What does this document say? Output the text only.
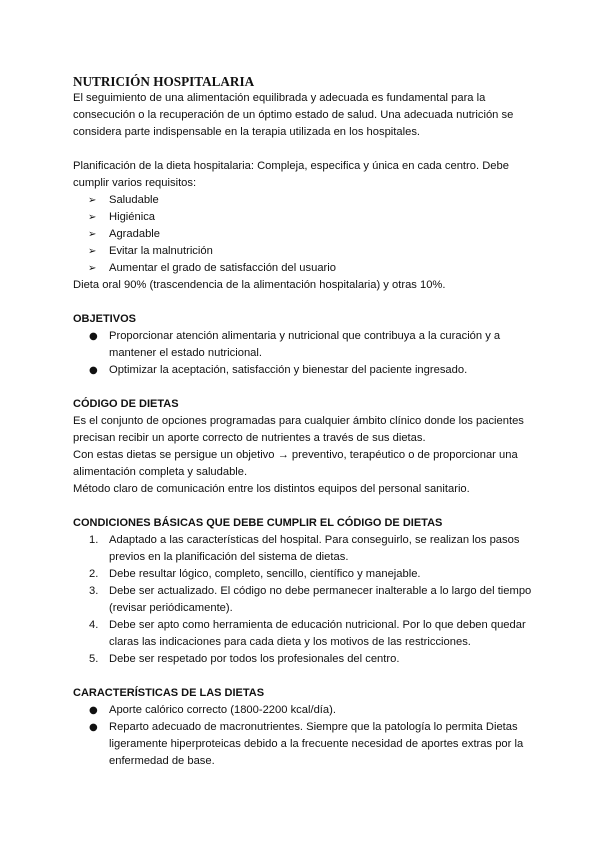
NUTRICIÓN HOSPITALARIA

El seguimiento de una alimentación equilibrada y adecuada es fundamental para la consecución o la recuperación de un óptimo estado de salud. Una adecuada nutrición se considera parte indispensable en la terapia utilizada en los hospitales.

Planificación de la dieta hospitalaria: Compleja, especifica y única en cada centro. Debe cumplir varios requisitos:

➢	Saludable
➢	Higiénica
➢	Agradable
➢	Evitar la malnutrición
➢	Aumentar el grado de satisfacción del usuario

Dieta oral 90% (trascendencia de la alimentación hospitalaria) y otras 10%.

OBJETIVOS
● Proporcionar atención alimentaria y nutricional que contribuya a la curación y a mantener el estado nutricional.
● Optimizar la aceptación, satisfacción y bienestar del paciente ingresado.
CÓDIGO DE DIETAS

Es el conjunto de opciones programadas para cualquier ámbito clínico donde los pacientes precisan recibir un aporte correcto de nutrientes a través de sus dietas.

Con estas dietas se persigue un objetivo → preventivo, terapéutico o de proporcionar una alimentación completa y saludable.

Método claro de comunicación entre los distintos equipos del personal sanitario.

CONDICIONES BÁSICAS QUE DEBE CUMPLIR EL CÓDIGO DE DIETAS
1. Adaptado a las características del hospital. Para conseguirlo, se realizan los pasos previos en la planificación del sistema de dietas.
2. Debe resultar lógico, completo, sencillo, científico y manejable.
3. Debe ser actualizado. El código no debe permanecer inalterable a lo largo del tiempo (revisar periódicamente).
4. Debe ser apto como herramienta de educación nutricional. Por lo que deben quedar claras las indicaciones para cada dieta y los motivos de las restricciones.
5. Debe ser respetado por todos los profesionales del centro.
CARACTERÍSTICAS DE LAS DIETAS
● Aporte calórico correcto (1800-2200 kcal/día).
● Reparto adecuado de macronutrientes. Siempre que la patología lo permita Dietas ligeramente hiperproteicas debido a la frecuente necesidad de aportes extras por la enfermedad de base.
